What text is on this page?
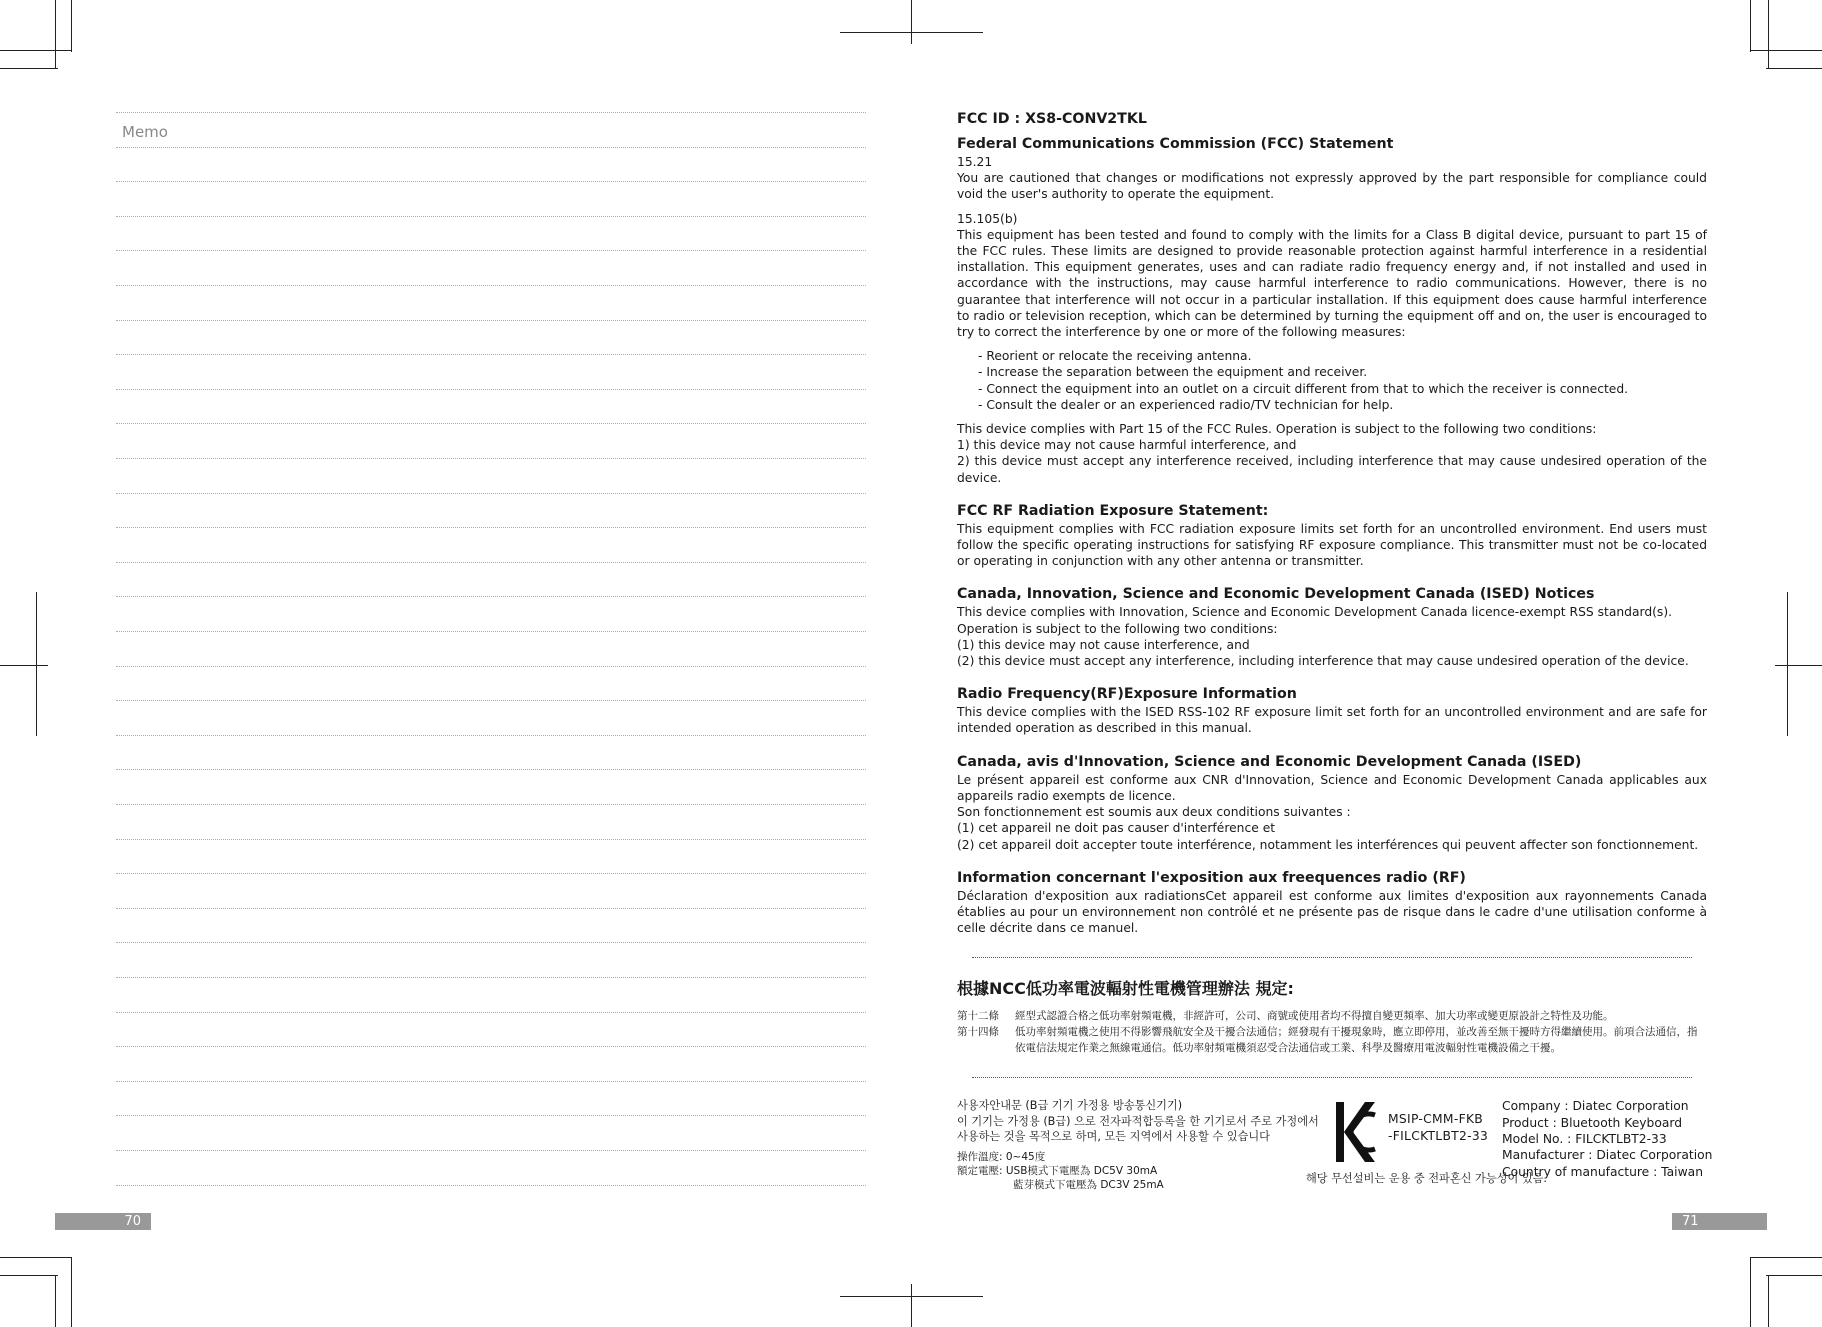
Memo
70

FCC ID : XS8-CONV2TKL

Federal Communications Commission (FCC) Statement

15.21

You are cautioned that changes or modifications not expressly approved by the part responsible for compliance could void the user's authority to operate the equipment.

15.105(b)

This equipment has been tested and found to comply with the limits for a Class B digital device, pursuant to part 15 of the FCC rules. These limits are designed to provide reasonable protection against harmful interference in a residential installation. This equipment generates, uses and can radiate radio frequency energy and, if not installed and used in accordance with the instructions, may cause harmful interference to radio communications. However, there is no guarantee that interference will not occur in a particular installation. If this equipment does cause harmful interference to radio or television reception, which can be determined by turning the equipment off and on, the user is encouraged to try to correct the interference by one or more of the following measures:

- Reorient or relocate the receiving antenna.

- Increase the separation between the equipment and receiver.

- Connect the equipment into an outlet on a circuit different from that to which the receiver is connected.

- Consult the dealer or an experienced radio/TV technician for help.

This device complies with Part 15 of the FCC Rules. Operation is subject to the following two conditions:

1) this device may not cause harmful interference, and

2) this device must accept any interference received, including interference that may cause undesired operation of the device.

FCC RF Radiation Exposure Statement:

This equipment complies with FCC radiation exposure limits set forth for an uncontrolled environment. End users must follow the specific operating instructions for satisfying RF exposure compliance. This transmitter must not be co-located or operating in conjunction with any other antenna or transmitter.

Canada, Innovation, Science and Economic Development Canada (ISED) Notices

This device complies with Innovation, Science and Economic Development Canada licence-exempt RSS standard(s).

Operation is subject to the following two conditions:

(1) this device may not cause interference, and

(2) this device must accept any interference, including interference that may cause undesired operation of the device.

Radio Frequency(RF)Exposure Information

This device complies with the ISED RSS-102 RF exposure limit set forth for an uncontrolled environment and are safe for intended operation as described in this manual.

Canada, avis d'Innovation, Science and Economic Development Canada (ISED)

Le présent appareil est conforme aux CNR d'Innovation, Science and Economic Development Canada applicables aux appareils radio exempts de licence.

Son fonctionnement est soumis aux deux conditions suivantes :

(1) cet appareil ne doit pas causer d'interférence et

(2) cet appareil doit accepter toute interférence, notamment les interférences qui peuvent affecter son fonctionnement.

Information concernant l'exposition aux freequences radio (RF)

Déclaration d'exposition aux radiationsCet appareil est conforme aux limites d'exposition aux rayonnements Canada établies au pour un environnement non contrôlé et ne présente pas de risque dans le cadre d'une utilisation conforme à celle décrite dans ce manuel.

根據NCC低功率電波輻射性電機管理辦法 規定:

第十二條	經型式認證合格之低功率射頻電機，非經許可，公司、商號或使用者均不得擅自變更頻率、加大功率或變更原設計之特性及功能。
第十四條	低功率射頻電機之使用不得影響飛航安全及干擾合法通信；經發現有干擾現象時，應立即停用，並改善至無干擾時方得繼續使用。前項合法通信，指依電信法規定作業之無線電通信。低功率射頻電機須忍受合法通信或工業、科學及醫療用電波輻射性電機設備之干擾。
사용자안내문 (B급 기기 가정용 방송통신기기)
이 기기는 가정용 (B급) 으로 전자파적합등록을 한 기기로서 주로 가정에서
사용하는 것을 목적으로 하며, 모든 지역에서 사용할 수 있습니다
操作溫度: 0~45度
額定電壓: USB模式下電壓為 DC5V 30mA
藍芽模式下電壓為 DC3V 25mA
MSIP-CMM-FKB
-FILCKTLBT2-33
해당 무선설비는 운용 중 전파혼신 가능성이 있음.
Company : Diatec Corporation
Product : Bluetooth Keyboard
Model No. : FILCKTLBT2-33
Manufacturer : Diatec Corporation
Country of manufacture : Taiwan
71
